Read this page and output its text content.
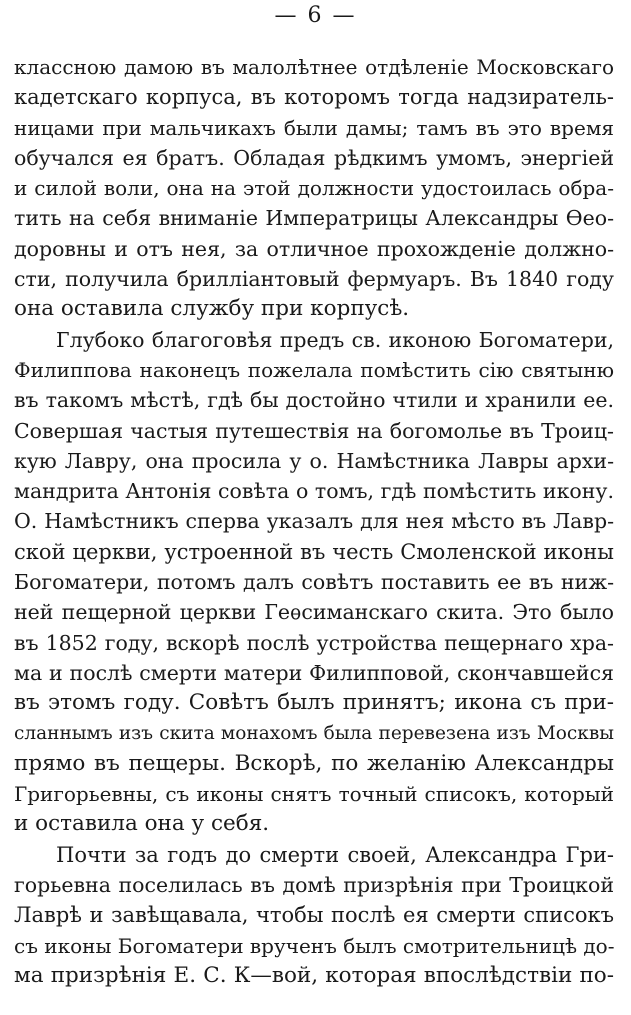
— 6 —
классною дамою въ малолѣтнее отдѣленіе Московскаго
кадетскаго корпуса, въ которомъ тогда надзиратель-
ницами при мальчикахъ были дамы; тамъ въ это время
обучался ея братъ. Обладая рѣдкимъ умомъ, энергіей
и силой воли, она на этой должности удостоилась обра-
тить на себя вниманіе Императрицы Александры Ѳео-
доровны и отъ нея, за отличное прохожденіе должно-
сти, получила брилліантовый фермуаръ. Въ 1840 году
она оставила службу при корпусѣ.
Глубоко благоговѣя предъ св. иконою Богоматери,
Филиппова наконецъ пожелала помѣстить сію святыню
въ такомъ мѣстѣ, гдѣ бы достойно чтили и хранили ее.
Совершая частыя путешествія на богомолье въ Троиц-
кую Лавру, она просила у о. Намѣстника Лавры архи-
мандрита Антонія совѣта о томъ, гдѣ помѣстить икону.
О. Намѣстникъ сперва указалъ для нея мѣсто въ Лавр-
ской церкви, устроенной въ честь Смоленской иконы
Богоматери, потомъ далъ совѣтъ поставить ее въ ниж-
ней пещерной церкви Геѳсиманскаго скита. Это было
въ 1852 году, вскорѣ послѣ устройства пещернаго хра-
ма и послѣ смерти матери Филипповой, скончавшейся
въ этомъ году. Совѣтъ былъ принятъ; икона съ при-
сланнымъ изъ скита монахомъ была перевезена изъ Москвы
прямо въ пещеры. Вскорѣ, по желанію Александры
Григорьевны, съ иконы снятъ точный списокъ, который
и оставила она у себя.
Почти за годъ до смерти своей, Александра Гри-
горьевна поселилась въ домѣ призрѣнія при Троицкой
Лаврѣ и завѣщавала, чтобы послѣ ея смерти списокъ
съ иконы Богоматери врученъ былъ смотрительницѣ до-
ма призрѣнія Е. С. К—вой, которая впослѣдствіи по-
